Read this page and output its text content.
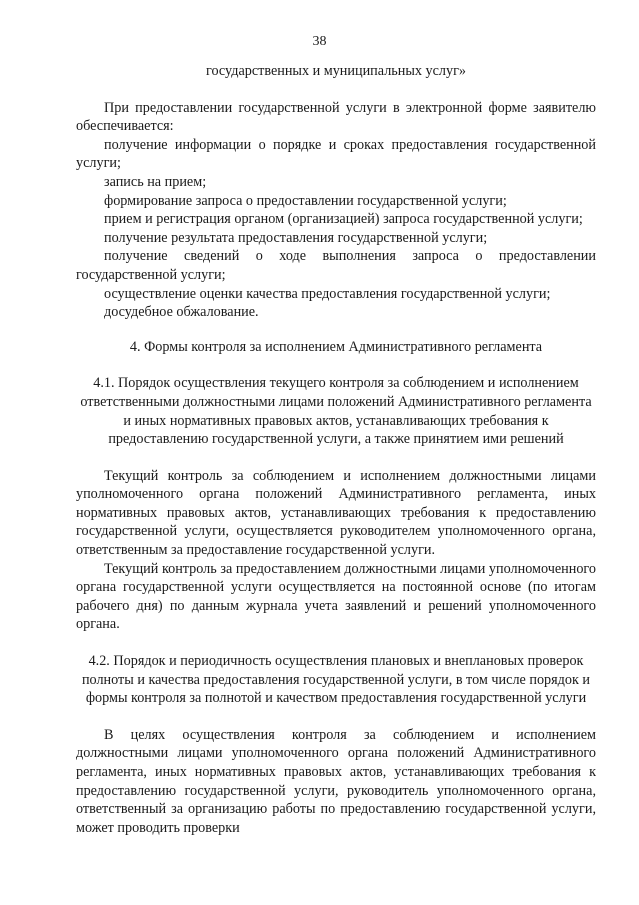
38

государственных и муниципальных услуг»

При предоставлении государственной услуги в электронной форме заявителю обеспечивается:

получение информации о порядке и сроках предоставления государственной услуги;

запись на прием;

формирование запроса о предоставлении государственной услуги;

прием и регистрация органом (организацией) запроса государственной услуги;

получение результата предоставления государственной услуги;

получение сведений о ходе выполнения запроса о предоставлении государственной услуги;

осуществление оценки качества предоставления государственной услуги;

досудебное обжалование.

4. Формы контроля за исполнением Административного регламента

4.1. Порядок осуществления текущего контроля за соблюдением и исполнением ответственными должностными лицами положений Административного регламента и иных нормативных правовых актов, устанавливающих требования к предоставлению государственной услуги, а также принятием ими решений

Текущий контроль за соблюдением и исполнением должностными лицами уполномоченного органа положений Административного регламента, иных нормативных правовых актов, устанавливающих требования к предоставлению государственной услуги, осуществляется руководителем уполномоченного органа, ответственным за предоставление государственной услуги.

Текущий контроль за предоставлением должностными лицами уполномоченного органа государственной услуги осуществляется на постоянной основе (по итогам рабочего дня) по данным журнала учета заявлений и решений уполномоченного органа.

4.2. Порядок и периодичность осуществления плановых и внеплановых проверок полноты и качества предоставления государственной услуги, в том числе порядок и формы контроля за полнотой и качеством предоставления государственной услуги

В целях осуществления контроля за соблюдением и исполнением должностными лицами уполномоченного органа положений Административного регламента, иных нормативных правовых актов, устанавливающих требования к предоставлению государственной услуги, руководитель уполномоченного органа, ответственный за организацию работы по предоставлению государственной услуги, может проводить проверки
